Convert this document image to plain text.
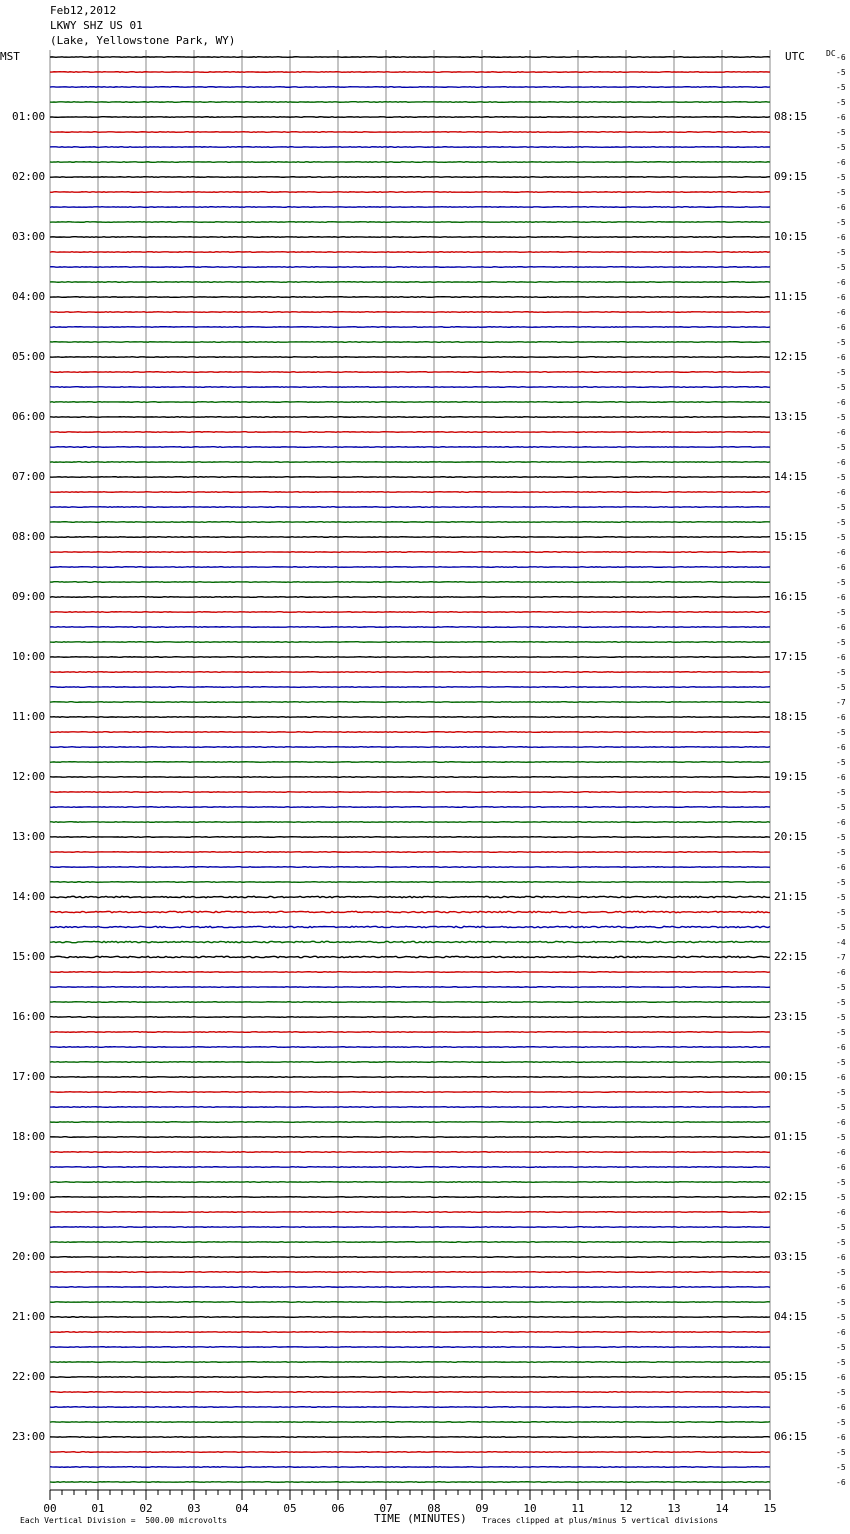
00	01	02	03	04	05	06	07	08	09	10	11	12	13	14	15
Feb12,2012
LKWY SHZ US 01
(Lake, Yellowstone Park, WY)
MST	UTC	DC
01:00
02:00
03:00
04:00
05:00
06:00
07:00
08:00
09:00
10:00
11:00
12:00
13:00
14:00
15:00
16:00
17:00
18:00
19:00
20:00
21:00
22:00
23:00
08:15
09:15
10:15
11:15
12:15
13:15
14:15
15:15
16:15
17:15
18:15
19:15
20:15
21:15
22:15
23:15
00:15
01:15
02:15
03:15
04:15
05:15
06:15
-6
-5
-5
-5
-6
-5
-5
-6
-5
-5
-6
-5
-6
-5
-5
-6
-6
-6
-6
-5
-6
-5
-5
-6
-5
-6
-5
-6
-5
-6
-5
-5
-5
-6
-6
-5
-6
-5
-6
-5
-6
-5
-5
-7
-6
-5
-6
-5
-6
-5
-5
-6
-5
-5
-6
-5
-5
-5
-5
-4
-7
-6
-5
-5
-5
-5
-6
-5
-6
-5
-5
-6
-5
-6
-6
-5
-5
-6
-5
-5
-6
-5
-6
-5
-5
-6
-5
-5
-6
-5
-6
-5
-6
-5
-5
-6
Each Vertical Division =  500.00 microvolts	TIME (MINUTES) Traces clipped at plus/minus 5 vertical divisions
